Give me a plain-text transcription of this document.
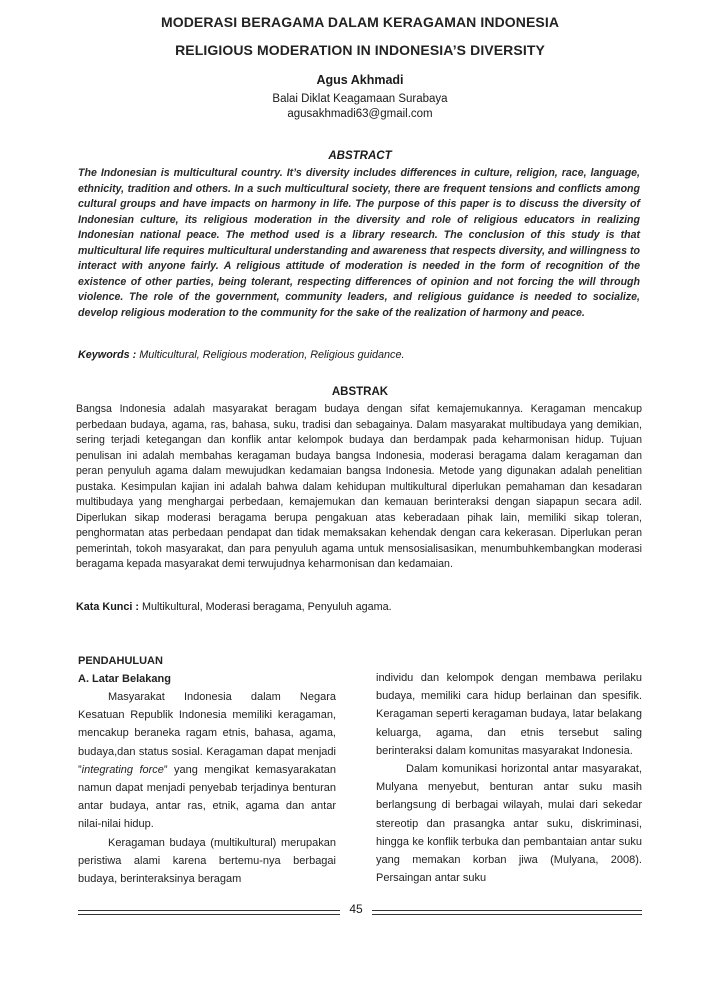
MODERASI BERAGAMA DALAM KERAGAMAN INDONESIA
RELIGIOUS MODERATION IN INDONESIA’S DIVERSITY
Agus Akhmadi
Balai Diklat Keagamaan Surabaya
agusakhmadi63@gmail.com
ABSTRACT
The Indonesian is multicultural country. It’s diversity includes differences in culture, religion, race, language, ethnicity, tradition and others. In a such multicultural society, there are frequent tensions and conflicts among cultural groups and have impacts on harmony in life. The purpose of this paper is to discuss the diversity of Indonesian culture, its religious moderation in the diversity and role of religious educators in realizing Indonesian national peace. The method used is a library research. The conclusion of this study is that multicultural life requires multicultural understanding and awareness that respects diversity, and willingness to interact with anyone fairly. A religious attitude of moderation is needed in the form of recognition of the existence of other parties, being tolerant, respecting differences of opinion and not forcing the will through violence. The role of the government, community leaders, and religious guidance is needed to socialize, develop religious moderation to the community for the sake of the realization of harmony and peace.
Keywords : Multicultural, Religious moderation, Religious guidance.
ABSTRAK
Bangsa Indonesia adalah masyarakat beragam budaya dengan sifat kemajemukannya. Keragaman mencakup perbedaan budaya, agama, ras, bahasa, suku, tradisi dan sebagainya. Dalam masyarakat multibudaya yang demikian, sering terjadi ketegangan dan konflik antar kelompok budaya dan berdampak pada keharmonisan hidup. Tujuan penulisan ini adalah membahas keragaman budaya bangsa Indonesia, moderasi beragama dalam keragaman dan peran penyuluh agama dalam mewujudkan kedamaian bangsa Indonesia. Metode yang digunakan adalah penelitian pustaka. Kesimpulan kajian ini adalah bahwa dalam kehidupan multikultural diperlukan pemahaman dan kesadaran multibudaya yang menghargai perbedaan, kemajemukan dan kemauan berinteraksi dengan siapapun secara adil. Diperlukan sikap moderasi beragama berupa pengakuan atas keberadaan pihak lain, memiliki sikap toleran, penghormatan atas perbedaan pendapat dan tidak memaksakan kehendak dengan cara kekerasan. Diperlukan peran pemerintah, tokoh masyarakat, dan para penyuluh agama untuk mensosialisasikan, menumbuhkembangkan moderasi beragama kepada masyarakat demi terwujudnya keharmonisan dan kedamaian.
Kata Kunci : Multikultural, Moderasi beragama, Penyuluh agama.

PENDAHULUAN

A. Latar Belakang

Masyarakat Indonesia dalam Negara Kesatuan Republik Indonesia memiliki keragaman, mencakup beraneka ragam etnis, bahasa, agama, budaya,dan status sosial. Keragaman dapat menjadi ”integrating force” yang mengikat kemasyarakatan namun dapat menjadi penyebab terjadinya benturan antar budaya, antar ras, etnik, agama dan antar nilai-nilai hidup.

Keragaman budaya (multikultural) merupakan peristiwa alami karena bertemu-nya berbagai budaya, berinteraksinya beragam

individu dan kelompok dengan membawa perilaku budaya, memiliki cara hidup berlainan dan spesifik. Keragaman seperti keragaman budaya, latar belakang keluarga, agama, dan etnis tersebut saling berinteraksi dalam komunitas masyarakat Indonesia.

Dalam komunikasi horizontal antar masyarakat, Mulyana menyebut, benturan antar suku masih berlangsung di berbagai wilayah, mulai dari sekedar stereotip dan prasangka antar suku, diskriminasi, hingga ke konflik terbuka dan pembantaian antar suku yang memakan korban jiwa (Mulyana, 2008). Persaingan antar suku

45
